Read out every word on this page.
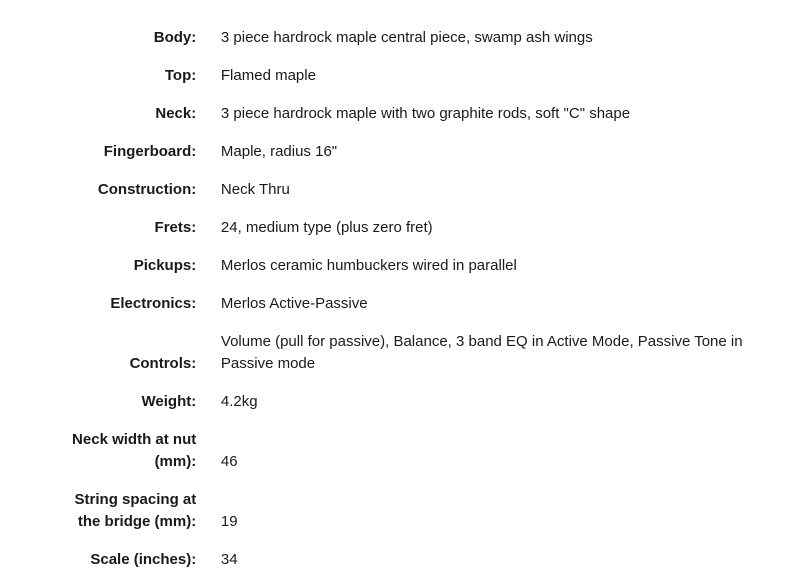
Body:		3 piece hardrock maple central piece, swamp ash wings
Top:		Flamed maple
Neck:		3 piece hardrock maple with two graphite rods, soft "C" shape
Fingerboard:		Maple, radius 16"
Construction:		Neck Thru
Frets:		24, medium type (plus zero fret)
Pickups:		Merlos ceramic humbuckers wired in parallel
Electronics:		Merlos Active-Passive
Controls:		Volume (pull for passive), Balance, 3 band EQ in Active Mode, Passive Tone in Passive mode
Weight:		4.2kg
Neck width at nut (mm):		46
String spacing at the bridge (mm):		19
Scale (inches):		34
